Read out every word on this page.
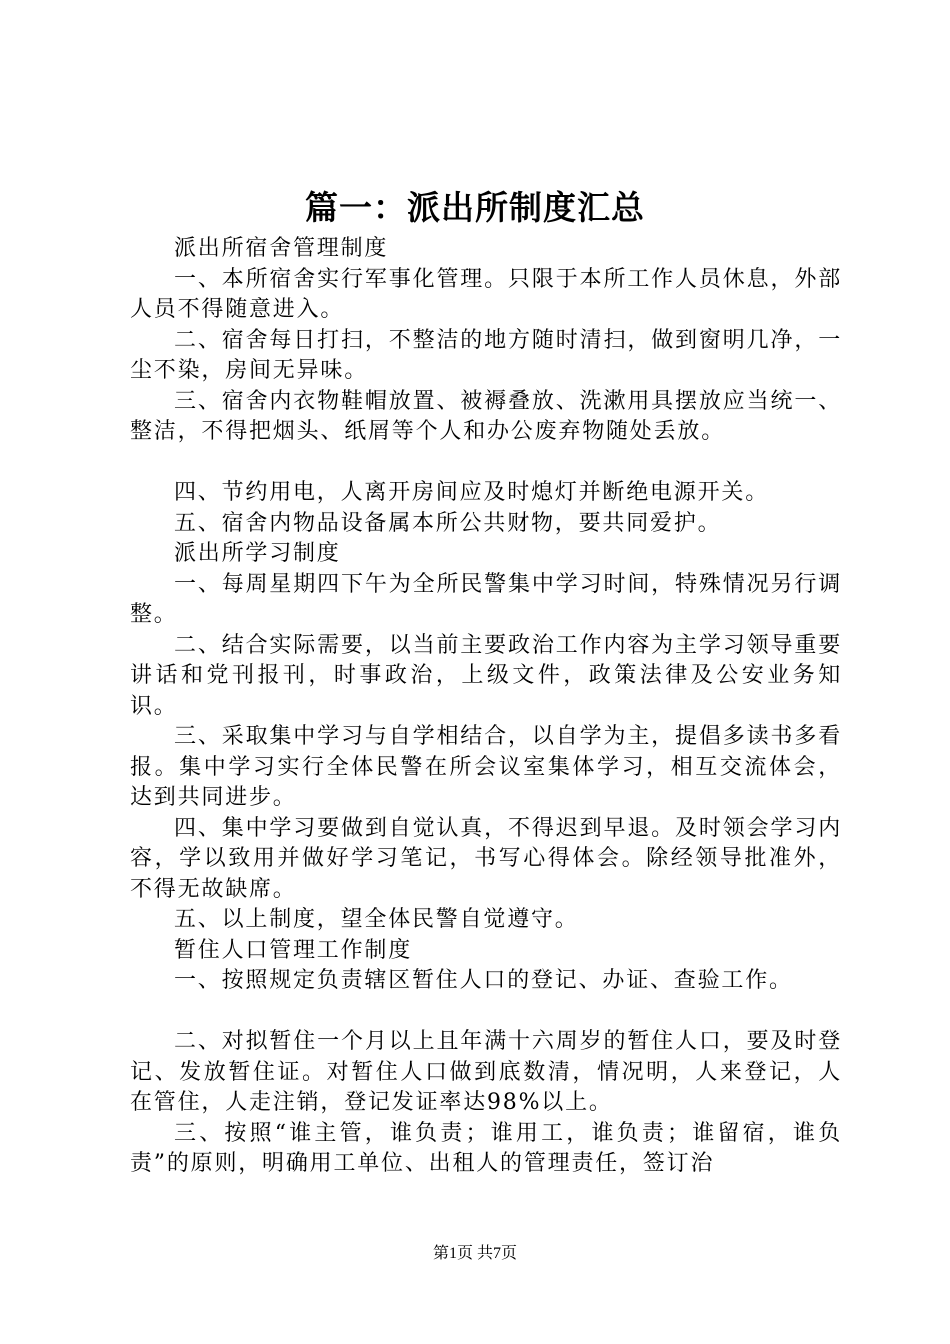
篇一：派出所制度汇总

派出所宿舍管理制度

一、本所宿舍实行军事化管理。只限于本所工作人员休息，外部人员不得随意进入。

二、宿舍每日打扫，不整洁的地方随时清扫，做到窗明几净，一尘不染，房间无异味。

三、宿舍内衣物鞋帽放置、被褥叠放、洗漱用具摆放应当统一、整洁，不得把烟头、纸屑等个人和办公废弃物随处丢放。

四、节约用电，人离开房间应及时熄灯并断绝电源开关。

五、宿舍内物品设备属本所公共财物，要共同爱护。

派出所学习制度

一、每周星期四下午为全所民警集中学习时间，特殊情况另行调整。

二、结合实际需要，以当前主要政治工作内容为主学习领导重要讲话和党刊报刊，时事政治，上级文件，政策法律及公安业务知识。

三、采取集中学习与自学相结合，以自学为主，提倡多读书多看报。集中学习实行全体民警在所会议室集体学习，相互交流体会，达到共同进步。

四、集中学习要做到自觉认真，不得迟到早退。及时领会学习内容，学以致用并做好学习笔记，书写心得体会。除经领导批准外，不得无故缺席。

五、以上制度，望全体民警自觉遵守。

暂住人口管理工作制度

一、按照规定负责辖区暂住人口的登记、办证、查验工作。

二、对拟暂住一个月以上且年满十六周岁的暂住人口，要及时登记、发放暂住证。对暂住人口做到底数清，情况明，人来登记，人在管住，人走注销，登记发证率达98%以上。

三、按照“谁主管，谁负责；谁用工，谁负责；谁留宿，谁负责”的原则，明确用工单位、出租人的管理责任，签订治

第1页 共7页
